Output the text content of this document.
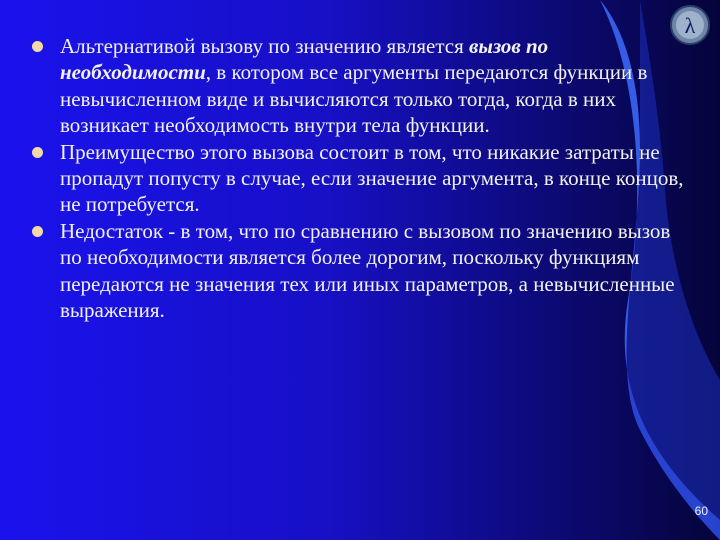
λ
Альтернативой вызову по значению является вызов по необходимости, в котором все аргументы передаются функции в невычисленном виде и вычисляются только тогда, когда в них возникает необходимость внутри тела функции.
Преимущество этого вызова состоит в том, что никакие затраты не пропадут попусту в случае, если значение аргумента, в конце концов, не потребуется.
Недостаток - в том, что по сравнению с вызовом по значению вызов по необходимости является более дорогим, поскольку функциям передаются не значения тех или иных параметров, а невычисленные выражения.
60
